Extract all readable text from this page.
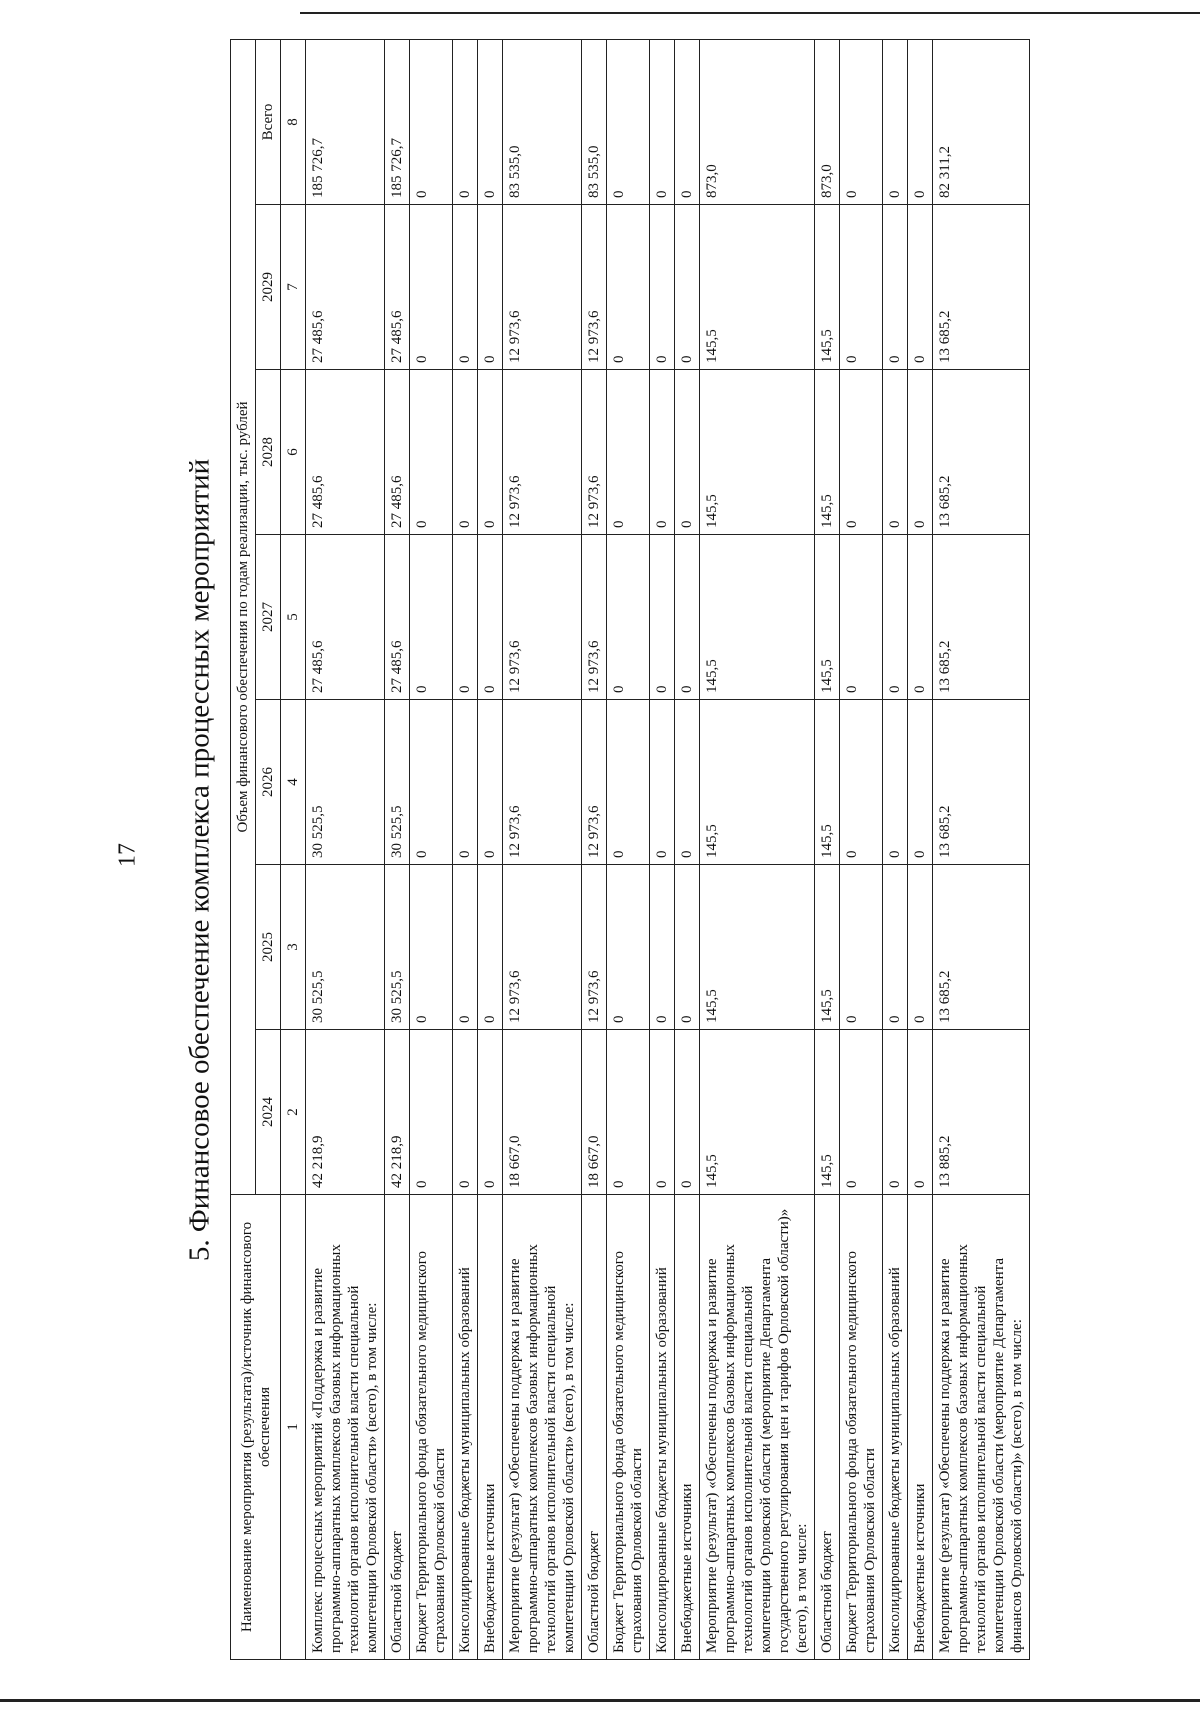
17 5. Финансовое обеспечение комплекса процессных мероприятий
Наименование мероприятия (результата)/источник финансового обеспечения	Объем финансового обеспечения по годам реализации, тыс. рублей						
	2024	2025	2026	2027	2028	2029	Всего
1	2	3	4	5	6	7	8
Комплекс процессных мероприятий «Поддержка и развитие программно-аппаратных комплексов базовых информационных технологий органов исполнительной власти специальной компетенции Орловской области» (всего), в том числе:	42 218,9	30 525,5	30 525,5	27 485,6	27 485,6	27 485,6	185 726,7
Областной бюджет	42 218,9	30 525,5	30 525,5	27 485,6	27 485,6	27 485,6	185 726,7
Бюджет Территориального фонда обязательного медицинского страхования Орловской области	0	0	0	0	0	0	0
Консолидированные бюджеты муниципальных образований	0	0	0	0	0	0	0
Внебюджетные источники	0	0	0	0	0	0	0
Мероприятие (результат) «Обеспечены поддержка и развитие программно-аппаратных комплексов базовых информационных технологий органов исполнительной власти специальной компетенции Орловской области» (всего), в том числе:	18 667,0	12 973,6	12 973,6	12 973,6	12 973,6	12 973,6	83 535,0
Областной бюджет	18 667,0	12 973,6	12 973,6	12 973,6	12 973,6	12 973,6	83 535,0
Бюджет Территориального фонда обязательного медицинского страхования Орловской области	0	0	0	0	0	0	0
Консолидированные бюджеты муниципальных образований	0	0	0	0	0	0	0
Внебюджетные источники	0	0	0	0	0	0	0
Мероприятие (результат) «Обеспечены поддержка и развитие программно-аппаратных комплексов базовых информационных технологий органов исполнительной власти специальной компетенции Орловской области (мероприятие Департамента государственного регулирования цен и тарифов Орловской области)» (всего), в том числе:	145,5	145,5	145,5	145,5	145,5	145,5	873,0
Областной бюджет	145,5	145,5	145,5	145,5	145,5	145,5	873,0
Бюджет Территориального фонда обязательного медицинского страхования Орловской области	0	0	0	0	0	0	0
Консолидированные бюджеты муниципальных образований	0	0	0	0	0	0	0
Внебюджетные источники	0	0	0	0	0	0	0
Мероприятие (результат) «Обеспечены поддержка и развитие программно-аппаратных комплексов базовых информационных технологий органов исполнительной власти специальной компетенции Орловской области (мероприятие Департамента финансов Орловской области)» (всего), в том числе:	13 885,2	13 685,2	13 685,2	13 685,2	13 685,2	13 685,2	82 311,2
